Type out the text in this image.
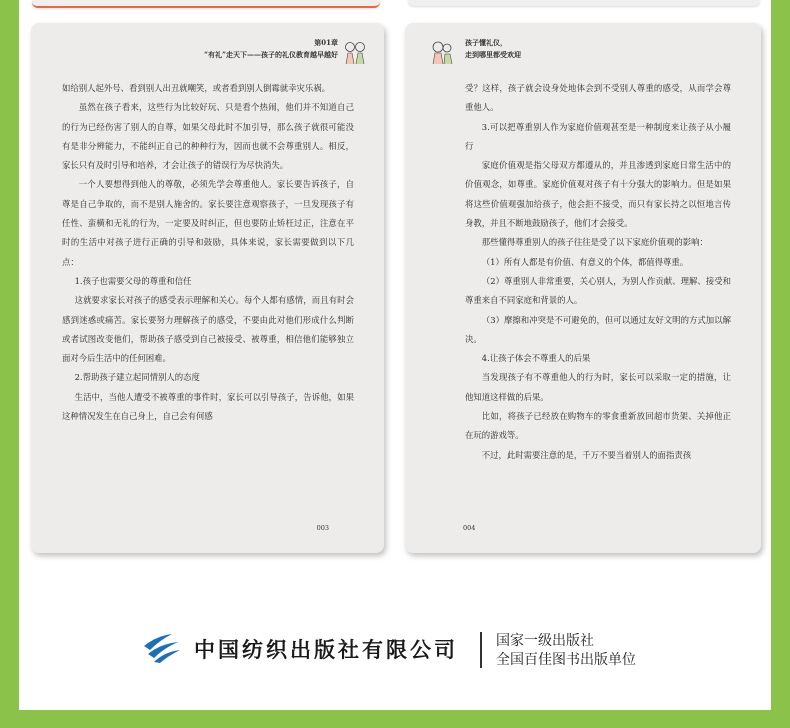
第01章
“有礼”走天下——孩子的礼仪教育越早越好

如给别人起外号、看到别人出丑就嘲笑，或者看到别人倒霉就幸灾乐祸。

虽然在孩子看来，这些行为比较好玩、只是看个热闹，他们并不知道自己的行为已经伤害了别人的自尊，如果父母此时不加引导，那么孩子就很可能没有是非分辨能力，不能纠正自己的种种行为，因而也就不会尊重别人。相反，家长只有及时引导和培养，才会让孩子的错误行为尽快消失。

一个人要想得到他人的尊敬，必须先学会尊重他人。家长要告诉孩子，自尊是自己争取的，而不是别人施舍的。家长要注意观察孩子，一旦发现孩子有任性、蛮横和无礼的行为，一定要及时纠正，但也要防止矫枉过正，注意在平时的生活中对孩子进行正确的引导和鼓励，具体来说，家长需要做到以下几点：

1.孩子也需要父母的尊重和信任

这就要求家长对孩子的感受表示理解和关心。每个人都有感情，而且有时会感到迷惑或痛苦。家长要努力理解孩子的感受，不要由此对他们形成什么判断或者试图改变他们，帮助孩子感受到自己被接受、被尊重，相信他们能够独立面对今后生活中的任何困难。

2.帮助孩子建立起同情别人的态度

生活中，当他人遭受不被尊重的事件时，家长可以引导孩子，告诉他，如果这种情况发生在自己身上，自己会有何感

003
孩子懂礼仪，
走到哪里都受欢迎

受？这样，孩子就会设身处地体会到不受别人尊重的感受，从而学会尊重他人。

3.可以把尊重别人作为家庭价值观甚至是一种制度来让孩子从小履行

家庭价值观是指父母双方都遵从的，并且渗透到家庭日常生活中的价值观念，如尊重。家庭价值观对孩子有十分强大的影响力。但是如果将这些价值观强加给孩子，他会拒不接受，而只有家长持之以恒地言传身教，并且不断地鼓励孩子，他们才会接受。

那些懂得尊重别人的孩子往往是受了以下家庭价值观的影响：

（1）所有人都是有价值、有意义的个体，都值得尊重。

（2）尊重别人非常重要，关心别人，为别人作贡献、理解、接受和尊重来自不同家庭和背景的人。

（3）摩擦和冲突是不可避免的，但可以通过友好文明的方式加以解决。

4.让孩子体会不尊重人的后果

当发现孩子有不尊重他人的行为时，家长可以采取一定的措施，让他知道这样做的后果。

比如，将孩子已经放在购物车的零食重新放回超市货架、关掉他正在玩的游戏等。

不过，此时需要注意的是，千万不要当着别人的面指责孩

004
中国纺织出版社有限公司	国家一级出版社
全国百佳图书出版单位
